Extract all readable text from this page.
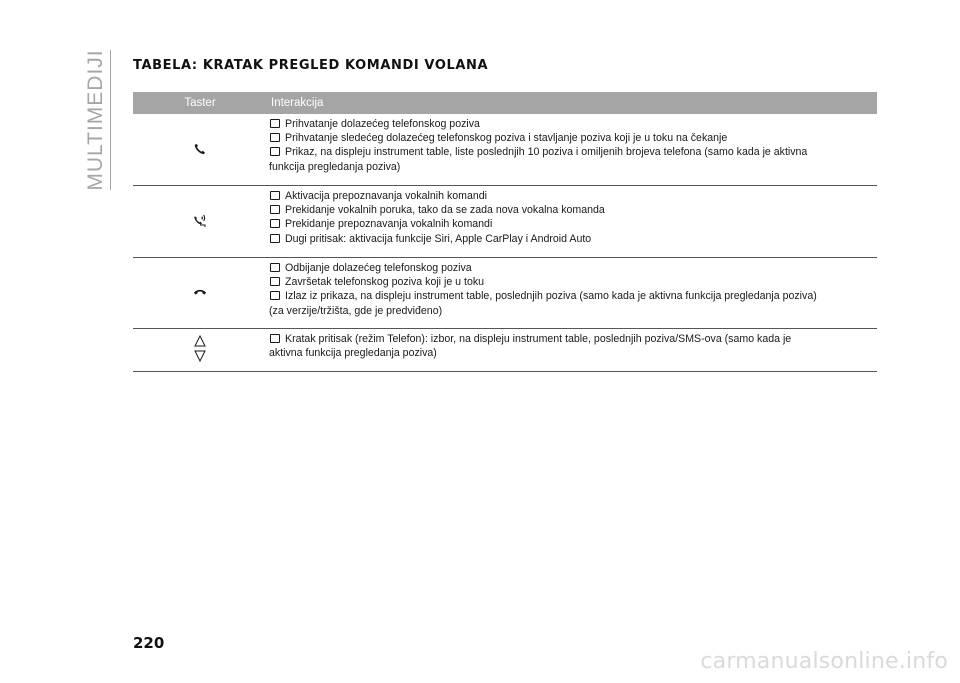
MULTIMEDIJI TABELA: KRATAK PREGLED KOMANDI VOLANA
Taster	Interakcija
Prihvatanje dolazećeg telefonskog poziva
Prihvatanje sledećeg dolazećeg telefonskog poziva i stavljanje poziva koji je u toku na čekanje
Prikaz, na displeju instrument table, liste poslednjih 10 poziva i omiljenih brojeva telefona (samo kada je aktivna
funkcija pregledanja poziva)
Aktivacija prepoznavanja vokalnih komandi
Prekidanje vokalnih poruka, tako da se zada nova vokalna komanda
Prekidanje prepoznavanja vokalnih komandi
Dugi pritisak: aktivacija funkcije Siri, Apple CarPlay i Android Auto
Odbijanje dolazećeg telefonskog poziva
Završetak telefonskog poziva koji je u toku
Izlaz iz prikaza, na displeju instrument table, poslednjih poziva (samo kada je aktivna funkcija pregledanja poziva)
(za verzije/tržišta, gde je predviđeno)
Kratak pritisak (režim Telefon): izbor, na displeju instrument table, poslednjih poziva/SMS-ova (samo kada je
aktivna funkcija pregledanja poziva)
220
carmanualsonline.info
